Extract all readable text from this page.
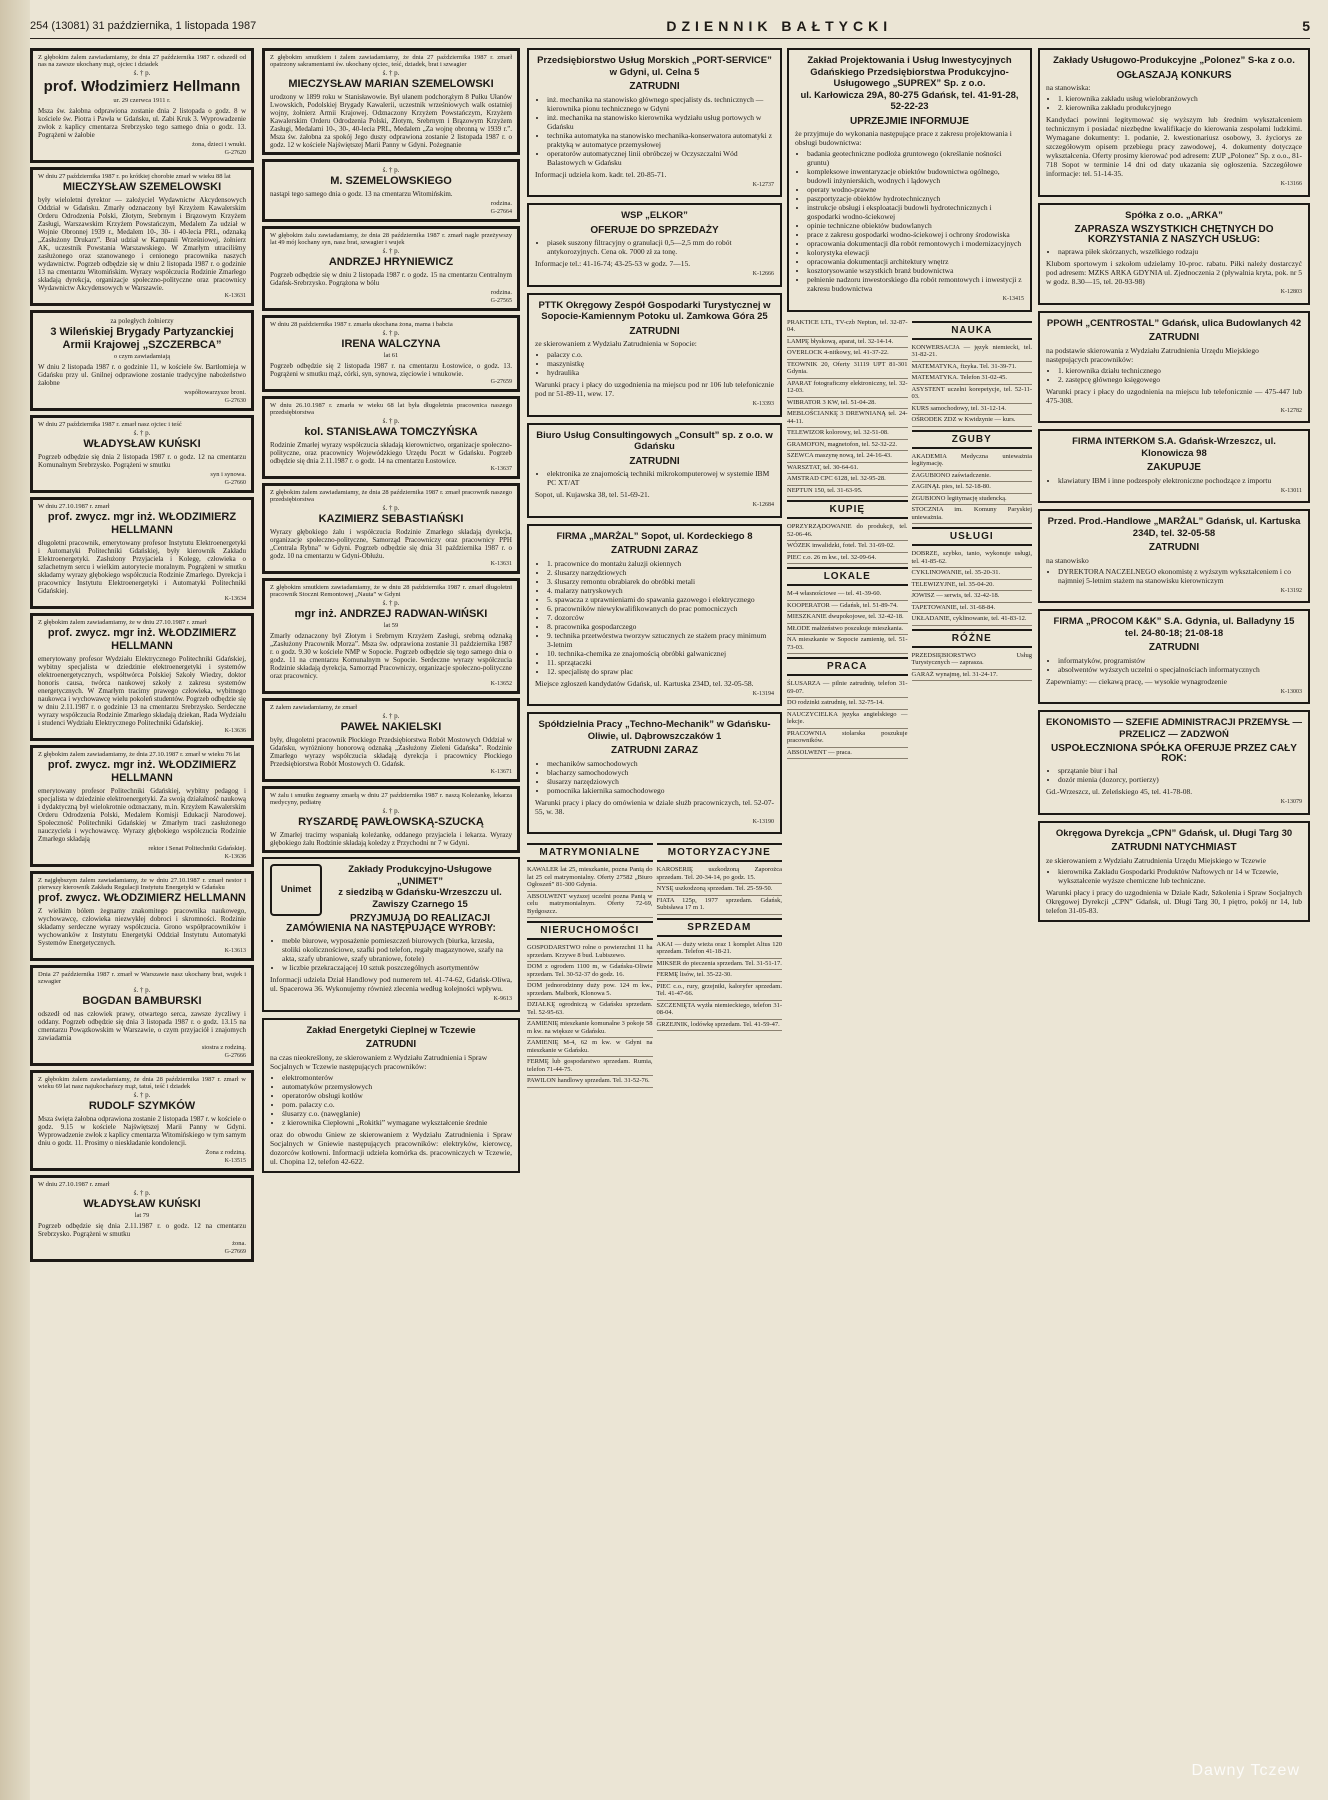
254 (13081) 31 października, 1 listopada 1987	DZIENNIK BAŁTYCKI	5
Z głębokim żalem zawiadamiamy, że dnia 27 października 1987 r. odszedł od nas na zawsze ukochany mąż, ojciec i dziadek
ś. † p.
prof. Włodzimierz Hellmann
ur. 29 czerwca 1911 r.
Msza św. żałobna odprawiona zostanie dnia 2 listopada o godz. 8 w kościele św. Piotra i Pawła w Gdańsku, ul. Zabi Kruk 3. Wyprowadzenie zwłok z kaplicy cmentarza Srebrzysko tego samego dnia o godz. 13. Pogrążeni w żałobie
żona, dzieci i wnuki.
G-27620
W dniu 27 października 1987 r. po krótkiej chorobie zmarł w wieku 88 lat
MIECZYSŁAW SZEMELOWSKI
były wieloletni dyrektor — założyciel Wydawnictw Akcydensowych Oddział w Gdańsku. Zmarły odznaczony był Krzyżem Kawalerskim Orderu Odrodzenia Polski, Złotym, Srebrnym i Brązowym Krzyżem Zasługi, Warszawskim Krzyżem Powstańczym, Medalem Za udział w Wojnie Obronnej 1939 r., Medalem 10-, 30- i 40-lecia PRL, odznaką „Zasłużony Drukarz”. Brał udział w Kampanii Wrześniowej, żołnierz AK, uczestnik Powstania Warszawskiego. W Zmarłym utraciliśmy zasłużonego oraz szanowanego i cenionego pracownika naszych wydawnictw. Pogrzeb odbędzie się w dniu 2 listopada 1987 r. o godzinie 13 na cmentarzu Witomińskim. Wyrazy współczucia Rodzinie Zmarłego składają dyrekcja, organizacje społeczno-polityczne oraz pracownicy Wydawnictw Akcydensowych w Warszawie.
K-13631
za poległych żołnierzy
3 Wileńskiej Brygady Partyzanckiej Armii Krajowej „SZCZERBCA”
o czym zawiadamiają
W dniu 2 listopada 1987 r. o godzinie 11, w kościele św. Bartłomieja w Gdańsku przy ul. Gnilnej odprawione zostanie tradycyjne nabożeństwo żałobne
współtowarzysze broni.
G-27630
W dniu 27 października 1987 r. zmarł nasz ojciec i teść
ś. † p.
WŁADYSŁAW KUŃSKI
Pogrzeb odbędzie się dnia 2 listopada 1987 r. o godz. 12 na cmentarzu Komunalnym Srebrzysko. Pogrążeni w smutku
syn i synowa.
G-27660
W dniu 27.10.1987 r. zmarł
prof. zwycz. mgr inż. WŁODZIMIERZ HELLMANN
długoletni pracownik, emerytowany profesor Instytutu Elektroenergetyki i Automatyki Politechniki Gdańskiej, były kierownik Zakładu Elektroenergetyki. Zasłużony Przyjaciela i Kolegę, człowieka o szlachetnym sercu i wielkim autorytecie moralnym. Pogrążeni w smutku składamy wyrazy głębokiego współczucia Rodzinie Zmarłego. Dyrekcja i pracownicy Instytutu Elektroenergetyki i Automatyki Politechniki Gdańskiej.
K-13634
Z głębokim żalem zawiadamiamy, że w dniu 27.10.1987 r. zmarł
prof. zwycz. mgr inż. WŁODZIMIERZ HELLMANN
emerytowany profesor Wydziału Elektrycznego Politechniki Gdańskiej, wybitny specjalista w dziedzinie elektroenergetyki i systemów elektroenergetycznych, współtwórca Polskiej Szkoły Wiedzy, doktor honoris causa, twórca naukowej szkoły z zakresu systemów energetycznych. W Zmarłym tracimy prawego człowieka, wybitnego naukowca i wychowawcę wielu pokoleń studentów. Pogrzeb odbędzie się w dniu 2.11.1987 r. o godzinie 13 na cmentarzu Srebrzysko. Serdeczne wyrazy współczucia Rodzinie Zmarłego składają dziekan, Rada Wydziału i studenci Wydziału Elektrycznego Politechniki Gdańskiej.
K-13636
Z głębokim żalem zawiadamiamy, że dnia 27.10.1987 r. zmarł w wieku 76 lat
prof. zwycz. mgr inż. WŁODZIMIERZ HELLMANN
emerytowany profesor Politechniki Gdańskiej, wybitny pedagog i specjalista w dziedzinie elektroenergetyki. Za swoją działalność naukową i dydaktyczną był wielokrotnie odznaczany, m.in. Krzyżem Kawalerskim Orderu Odrodzenia Polski, Medalem Komisji Edukacji Narodowej. Społeczność Politechniki Gdańskiej w Zmarłym traci zasłużonego nauczyciela i wychowawcę. Wyrazy głębokiego współczucia Rodzinie Zmarłego składają
rektor i Senat Politechniki Gdańskiej.
K-13636
Z najgłębszym żalem zawiadamiamy, że w dniu 27.10.1987 r. zmarł nestor i pierwszy kierownik Zakładu Regulacji Instytutu Energetyki w Gdańsku
prof. zwycz. WŁODZIMIERZ HELLMANN
Z wielkim bólem żegnamy znakomitego pracownika naukowego, wychowawcę, człowieka niezwykłej dobroci i skromności. Rodzinie składamy serdeczne wyrazy współczucia. Grono współpracowników i wychowanków z Instytutu Energetyki Oddział Instytutu Automatyki Systemów Energetycznych.
K-13613
Dnia 27 października 1987 r. zmarł w Warszawie nasz ukochany brat, wujek i szwagier
ś. † p.
BOGDAN BAMBURSKI
odszedł od nas człowiek prawy, otwartego serca, zawsze życzliwy i oddany. Pogrzeb odbędzie się dnia 3 listopada 1987 r. o godz. 13.15 na cmentarzu Powązkowskim w Warszawie, o czym przyjaciół i znajomych zawiadamia
siostra z rodziną.
G-27666
Z głębokim żalem zawiadamiamy, że dnia 28 października 1987 r. zmarł w wieku 69 lat nasz najukochańszy mąż, tatuś, teść i dziadek
ś. † p.
RUDOLF SZYMKÓW
Msza święta żałobna odprawiona zostanie 2 listopada 1987 r. w kościele o godz. 9.15 w kościele Najświętszej Marii Panny w Gdyni. Wyprowadzenie zwłok z kaplicy cmentarza Witomińskiego w tym samym dniu o godz. 11. Prosimy o nieskładanie kondolencji.
Żona z rodziną.
K-13515
W dniu 27.10.1987 r. zmarł
ś. † p.
WŁADYSŁAW KUŃSKI
lat 79
Pogrzeb odbędzie się dnia 2.11.1987 r. o godz. 12 na cmentarzu Srebrzysko. Pogrążeni w smutku
żona.
G-27669
Z głębokim smutkiem i żalem zawiadamiamy, że dnia 27 października 1987 r. zmarł opatrzony sakramentami św. ukochany ojciec, teść, dziadek, brat i szwagier
ś. † p.
MIECZYSŁAW MARIAN SZEMELOWSKI
urodzony w 1899 roku w Stanisławowie. Był ułanem podchorążym 8 Pułku Ułanów Lwowskich, Podolskiej Brygady Kawalerii, uczestnik wrześniowych walk ostatniej wojny, żołnierz Armii Krajowej. Odznaczony Krzyżem Powstańczym, Krzyżem Kawalerskim Orderu Odrodzenia Polski, Złotym, Srebrnym i Brązowym Krzyżem Zasługi, Medalami 10-, 30-, 40-lecia PRL, Medalem „Za wojnę obronną w 1939 r.”. Msza św. żałobna za spokój Jego duszy odprawiona zostanie 2 listopada 1987 r. o godz. 12 w kościele Najświętszej Marii Panny w Gdyni. Pożegnanie
ś. † p.
M. SZEMELOWSKIEGO
nastąpi tego samego dnia o godz. 13 na cmentarzu Witomińskim.
rodzina.
G-27664
W głębokim żalu zawiadamiamy, że dnia 28 października 1987 r. zmarł nagle przeżywszy lat 49 mój kochany syn, nasz brat, szwagier i wujek
ś. † p.
ANDRZEJ HRYNIEWICZ
Pogrzeb odbędzie się w dniu 2 listopada 1987 r. o godz. 15 na cmentarzu Centralnym Gdańsk-Srebrzysko. Pogrążona w bólu
rodzina.
G-27565
W dniu 28 października 1987 r. zmarła ukochana żona, mama i babcia
ś. † p.
IRENA WALCZYNA
lat 61
Pogrzeb odbędzie się 2 listopada 1987 r. na cmentarzu Łostowice, o godz. 13. Pogrążeni w smutku mąż, córki, syn, synowa, zięciowie i wnukowie.
G-27659
W dniu 26.10.1987 r. zmarła w wieku 68 lat była długoletnia pracownica naszego przedsiębiorstwa
ś. † p.
kol. STANISŁAWA TOMCZYŃSKA
Rodzinie Zmarłej wyrazy współczucia składają kierownictwo, organizacje społeczno-polityczne, oraz pracownicy Wojewódzkiego Urzędu Poczt w Gdańsku. Pogrzeb odbędzie się dnia 2.11.1987 r. o godz. 14 na cmentarzu Łostowice.
K-13637
Z głębokim żalem zawiadamiamy, że dnia 28 października 1987 r. zmarł pracownik naszego przedsiębiorstwa
ś. † p.
KAZIMIERZ SEBASTIAŃSKI
Wyrazy głębokiego żalu i współczucia Rodzinie Zmarłego składają dyrekcja, organizacje społeczno-polityczne, Samorząd Pracowniczy oraz pracownicy PPH „Centrala Rybna” w Gdyni. Pogrzeb odbędzie się dnia 31 października 1987 r. o godz. 10 na cmentarzu w Gdyni-Obłużu.
K-13631
Z głębokim smutkiem zawiadamiamy, że w dniu 28 października 1987 r. zmarł długoletni pracownik Stoczni Remontowej „Nauta” w Gdyni
ś. † p.
mgr inż. ANDRZEJ RADWAN-WIŃSKI
lat 59
Zmarły odznaczony był Złotym i Srebrnym Krzyżem Zasługi, srebrną odznaką „Zasłużony Pracownik Morza”. Msza św. odprawiona zostanie 31 października 1987 r. o godz. 9.30 w kościele NMP w Sopocie. Pogrzeb odbędzie się tego samego dnia o godz. 11 na cmentarzu Komunalnym w Sopocie. Serdeczne wyrazy współczucia Rodzinie składają dyrekcja, Samorząd Pracowniczy, organizacje społeczno-polityczne oraz pracownicy.
K-13652
Z żalem zawiadamiamy, że zmarł
ś. † p.
PAWEŁ NAKIELSKI
były, długoletni pracownik Płockiego Przedsiębiorstwa Robót Mostowych Oddział w Gdańsku, wyróżniony honorową odznaką „Zasłużony Zieleni Gdańska”. Rodzinie Zmarłego wyrazy współczucia składają dyrekcja i pracownicy Płockiego Przedsiębiorstwa Robót Mostowych O. Gdańsk.
K-13671
W żalu i smutku żegnamy zmarłą w dniu 27 października 1987 r. naszą Koleżankę, lekarza medycyny, pediatrę
ś. † p.
RYSZARDĘ PAWŁOWSKĄ-SZUCKĄ
W Zmarłej tracimy wspaniałą koleżankę, oddanego przyjaciela i lekarza. Wyrazy głębokiego żalu Rodzinie składają koledzy z Przychodni nr 7 w Gdyni.
Unimet
Zakłady Produkcyjno-Usługowe „UNIMET”
z siedzibą w Gdańsku-Wrzeszczu ul. Zawiszy Czarnego 15
PRZYJMUJĄ DO REALIZACJI ZAMÓWIENIA NA NASTĘPUJĄCE WYROBY:
• meble biurowe, wyposażenie pomieszczeń biurowych (biurka, krzesła, stoliki okolicznościowe, szafki pod telefon, regały magazynowe, szafy na akta, szafy ubraniowe, szafy ubraniowe, fotele)
• w liczbie przekraczającej 10 sztuk poszczególnych asortymentów
Informacji udziela Dział Handlowy pod numerem tel. 41-74-62, Gdańsk-Oliwa, ul. Spacerowa 36. Wykonujemy również zlecenia według kolejności wpływu.
K-9613
Zakład Energetyki Cieplnej w Tczewie
ZATRUDNI
na czas nieokreślony, ze skierowaniem z Wydziału Zatrudnienia i Spraw Socjalnych w Tczewie następujących pracowników:
• elektromonterów
• automatyków przemysłowych
• operatorów obsługi kotłów
• pom. palaczy c.o.
• ślusarzy c.o. (nawęglanie)
• z kierownika Ciepłowni „Rokitki” wymagane wykształcenie średnie
oraz do obwodu Gniew ze skierowaniem z Wydziału Zatrudnienia i Spraw Socjalnych w Gniewie następujących pracowników: elektryków, kierowcę, dozorców kotłowni. Informacji udziela komórka ds. pracowniczych w Tczewie, ul. Chopina 12, telefon 42-622.
Przedsiębiorstwo Usług Morskich „PORT-SERVICE” w Gdyni, ul. Celna 5
ZATRUDNI
• inż. mechanika na stanowisko głównego specjalisty ds. technicznych — kierownika pionu technicznego w Gdyni
• inż. mechanika na stanowisko kierownika wydziału usług portowych w Gdańsku
• technika automatyka na stanowisko mechanika-konserwatora automatyki z praktyką w automatyce przemysłowej
• operatorów automatycznej linii obróbczej w Oczyszczalni Wód Balastowych w Gdańsku
Informacji udziela kom. kadr. tel. 20-85-71.
K-12737
WSP „ELKOR”
OFERUJE DO SPRZEDAŻY
• piasek suszony filtracyjny o granulacji 0,5—2,5 mm do robót antykorozyjnych. Cena ok. 7000 zł za tonę.
Informacje tel.: 41-16-74; 43-25-53 w godz. 7—15.
K-12666
PTTK Okręgowy Zespół Gospodarki Turystycznej w Sopocie-Kamiennym Potoku ul. Zamkowa Góra 25
ZATRUDNI
ze skierowaniem z Wydziału Zatrudnienia w Sopocie:
• palaczy c.o.
• maszynistkę
• hydraulika
Warunki pracy i płacy do uzgodnienia na miejscu pod nr 106 lub telefonicznie pod nr 51-89-11, wew. 17.
K-13393
Biuro Usług Consultingowych „Consult” sp. z o.o. w Gdańsku
ZATRUDNI
• elektronika ze znajomością techniki mikrokomputerowej w systemie IBM PC XT/AT
Sopot, ul. Kujawska 38, tel. 51-69-21.
K-12684
FIRMA „MARŻAL” Sopot, ul. Kordeckiego 8
ZATRUDNI ZARAZ
• 1. pracownice do montażu żaluzji okiennych
• 2. ślusarzy narzędziowych
• 3. ślusarzy remontu obrabiarek do obróbki metali
• 4. malarzy natryskowych
• 5. spawacza z uprawnieniami do spawania gazowego i elektrycznego
• 6. pracowników niewykwalifikowanych do prac pomocniczych
• 7. dozorców
• 8. pracownika gospodarczego
• 9. technika przetwórstwa tworzyw sztucznych ze stażem pracy minimum 3-letnim
• 10. technika-chemika ze znajomością obróbki galwanicznej
• 11. sprzątaczki
• 12. specjalistę do spraw płac
Miejsce zgłoszeń kandydatów Gdańsk, ul. Kartuska 234D, tel. 32-05-58.
K-13194
Spółdzielnia Pracy „Techno-Mechanik” w Gdańsku-Oliwie, ul. Dąbrowszczaków 1
ZATRUDNI ZARAZ
• mechaników samochodowych
• blacharzy samochodowych
• ślusarzy narzędziowych
• pomocnika lakiernika samochodowego
Warunki pracy i płacy do omówienia w dziale służb pracowniczych, tel. 52-07-55, w. 38.
K-13190
MATRYMONIALNE
KAWALER lat 25, mieszkanie, pozna Panią do lat 25 cel matrymonialny. Oferty 27582 „Biuro Ogłoszeń” 81-300 Gdynia.
ABSOLWENT wyższej uczelni pozna Panią w celu matrymonialnym. Oferty 72-69, Bydgoszcz.
NIERUCHOMOŚCI
GOSPODARSTWO rolne o powierzchni 11 ha sprzedam. Krzywe 8 bud. Lubiszewo.
DOM z ogrodem 1100 m, w Gdańsku-Oliwie sprzedam. Tel. 30-52-37 do godz. 16.
DOM jednorodzinny duży pow. 124 m kw., sprzedam. Malbork, Klonowa 5.
DZIAŁKĘ ogrodniczą w Gdańsku sprzedam. Tel. 52-95-63.
ZAMIENIĘ mieszkanie komunalne 3 pokoje 58 m kw. na większe w Gdańsku.
ZAMIENIĘ M-4, 62 m kw. w Gdyni na mieszkanie w Gdańsku.
FERMĘ lub gospodarstwo sprzedam. Rumia, telefon 71-44-75.
PAWILON handlowy sprzedam. Tel. 31-52-76.
MOTORYZACYJNE
KAROSERIĘ uszkodzoną Zaporożca sprzedam. Tel. 20-34-14, po godz. 15.
NYSĘ uszkodzoną sprzedam. Tel. 25-59-50.
FIATA 125p, 1977 sprzedam. Gdańsk, Subisława 17 m 1.
SPRZEDAM
AKAI — duży wieża oraz 1 komplet Altus 120 sprzedam. Telefon 41-18-21.
MIKSER do pieczenia sprzedam. Tel. 31-51-17.
FERMĘ lisów, tel. 35-22-30.
PIEC c.o., rury, grzejniki, kaloryfer sprzedam. Tel. 41-47-66.
SZCZENIĘTA wyżła niemieckiego, telefon 31-08-04.
GRZEJNIK, lodówkę sprzedam. Tel. 41-59-47.
Zakład Projektowania i Usług Inwestycyjnych Gdańskiego Przedsiębiorstwa Produkcyjno-Usługowego „SUPREX” Sp. z o.o.
ul. Karłowicza 29A, 80-275 Gdańsk, tel. 41-91-28, 52-22-23
UPRZEJMIE INFORMUJE
że przyjmuje do wykonania następujące prace z zakresu projektowania i obsługi budownictwa:
• badania geotechniczne podłoża gruntowego (określanie nośności gruntu)
• kompleksowe inwentaryzacje obiektów budownictwa ogólnego, budowli inżynierskich, wodnych i lądowych
• operaty wodno-prawne
• paszportyzacje obiektów hydrotechnicznych
• instrukcje obsługi i eksploatacji budowli hydrotechnicznych i gospodarki wodno-ściekowej
• opinie techniczne obiektów budowlanych
• prace z zakresu gospodarki wodno-ściekowej i ochrony środowiska
• opracowania dokumentacji dla robót remontowych i modernizacyjnych
• kolorystyka elewacji
• opracowania dokumentacji architektury wnętrz
• kosztorysowanie wszystkich branż budownictwa
• pełnienie nadzoru inwestorskiego dla robót remontowych i inwestycji z zakresu budownictwa
K-13415
PRAKTICE LTL, TV-czb Neptun, tel. 32-87-04.
LAMPĘ błyskową, aparat, tel. 32-14-14.
OVERLOCK 4-nitkowy, tel. 41-37-22.
TEOWNIK 20, Oferty 31119 UPT 81-301 Gdynia.
APARAT fotograficzny elektroniczny, tel. 32-12-03.
WIBRATOR 3 KW, tel. 51-04-28.
MEBLOŚCIANKĘ 3 DREWNIANĄ tel. 24-44-11.
TELEWIZOR kolorowy, tel. 32-51-08.
GRAMOFON, magnetofon, tel. 52-32-22.
SZEWCA maszynę nową, tel. 24-16-43.
WARSZTAT, tel. 30-64-61.
AMSTRAD CPC 6128, tel. 32-95-28.
NEPTUN 150, tel. 31-63-95.
KUPIĘ
OPRZYRZĄDOWANIE do produkcji, tel. 52-06-46.
WÓZEK inwalidzki, fotel. Tel. 31-69-02.
PIEC c.o. 26 m kw., tel. 32-09-64.
LOKALE
M-4 własnościowe — tel. 41-39-60.
KOOPERATOR — Gdańsk, tel. 51-89-74.
MIESZKANIE dwupokojowe, tel. 32-42-18.
MŁODE małżeństwo poszukuje mieszkania.
NA mieszkanie w Sopocie zamienię, tel. 51-73-03.
PRACA
ŚLUSARZA — pilnie zatrudnię, telefon 31-69-07.
DO rodzinki zatrudnię, tel. 32-75-14.
NAUCZYCIELKA języka angielskiego — lekcje.
PRACOWNIA stolarska poszukuje pracowników.
ABSOLWENT — praca.
NAUKA
KONWERSACJA — język niemiecki, tel. 31-82-21.
MATEMATYKA, fizyka. Tel. 31-39-71.
MATEMATYKA. Telefon 31-02-45.
ASYSTENT uczelni korepetycje, tel. 52-11-03.
KURS samochodowy, tel. 31-12-14.
OŚRODEK ZDZ w Kwidzynie — kurs.
ZGUBY
AKADEMIA Medyczna unieważnia legitymację.
ZAGUBIONO zaświadczenie.
ZAGINĄŁ pies, tel. 52-18-80.
ZGUBIONO legitymację studencką.
STOCZNIA im. Komuny Paryskiej unieważnia.
USŁUGI
DOBRZE, szybko, tanio, wykonuje usługi, tel. 41-85-62.
CYKLINOWANIE, tel. 35-20-31.
TELEWIZYJNE, tel. 35-04-20.
JOWISZ — serwis, tel. 32-42-18.
TAPETOWANIE, tel. 31-68-84.
UKŁADANIE, cyklinowanie, tel. 41-83-12.
RÓŻNE
PRZEDSIĘBIORSTWO Usług Turystycznych — zaprasza.
GARAŻ wynajmę, tel. 31-24-17.
Zakłady Usługowo-Produkcyjne „Polonez” S-ka z o.o.
OGŁASZAJĄ KONKURS
na stanowiska:
• 1. kierownika zakładu usług wielobranżowych
• 2. kierownika zakładu produkcyjnego
Kandydaci powinni legitymować się wyższym lub średnim wykształceniem technicznym i posiadać niezbędne kwalifikacje do kierowania zespołami ludzkimi. Wymagane dokumenty: 1. podanie, 2. kwestionariusz osobowy, 3. życiorys ze szczegółowym opisem przebiegu pracy zawodowej, 4. dokumenty dotyczące wykształcenia. Oferty prosimy kierować pod adresem: ZUP „Polonez” Sp. z o.o., 81-718 Sopot w terminie 14 dni od daty ukazania się ogłoszenia. Szczegółowe informacje: tel. 51-14-35.
K-13166
Spółka z o.o. „ARKA”
ZAPRASZA WSZYSTKICH CHĘTNYCH DO KORZYSTANIA Z NASZYCH USŁUG:
• naprawa piłek skórzanych, wszelkiego rodzaju
Klubom sportowym i szkołom udzielamy 10-proc. rabatu. Piłki należy dostarczyć pod adresem: MZKS ARKA GDYNIA ul. Zjednoczenia 2 (pływalnia kryta, pok. nr 5 w godz. 8.30—15, tel. 20-93-98)
K-12803
PPOWH „CENTROSTAL” Gdańsk, ulica Budowlanych 42
ZATRUDNI
na podstawie skierowania z Wydziału Zatrudnienia Urzędu Miejskiego następujących pracowników:
• 1. kierownika działu technicznego
• 2. zastępcę głównego księgowego
Warunki pracy i płacy do uzgodnienia na miejscu lub telefonicznie — 475-447 lub 475-308.
K-12782
FIRMA INTERKOM S.A. Gdańsk-Wrzeszcz, ul. Klonowicza 98
ZAKUPUJE
• klawiatury IBM i inne podzespoły elektroniczne pochodzące z importu
K-13011
Przed. Prod.-Handlowe „MARŻAL” Gdańsk, ul. Kartuska 234D, tel. 32-05-58
ZATRUDNI
na stanowisko
• DYREKTORA NACZELNEGO ekonomistę z wyższym wykształceniem i co najmniej 5-letnim stażem na stanowisku kierowniczym
K-13192
FIRMA „PROCOM K&K” S.A. Gdynia, ul. Balladyny 15 tel. 24-80-18; 21-08-18
ZATRUDNI
• informatyków, programistów
• absolwentów wyższych uczelni o specjalnościach informatycznych
Zapewniamy: — ciekawą pracę, — wysokie wynagrodzenie
K-13003
EKONOMISTO — SZEFIE ADMINISTRACJI PRZEMYSŁ — PRZELICZ — ZADZWOŃ
USPOŁECZNIONA SPÓŁKA OFERUJE PRZEZ CAŁY ROK:
• sprzątanie biur i hal
• dozór mienia (dozorcy, portierzy)
Gd.-Wrzeszcz, ul. Zeleńskiego 45, tel. 41-78-08.
K-13079
Okręgowa Dyrekcja „CPN” Gdańsk, ul. Długi Targ 30
ZATRUDNI NATYCHMIAST
ze skierowaniem z Wydziału Zatrudnienia Urzędu Miejskiego w Tczewie
• kierownika Zakładu Gospodarki Produktów Naftowych nr 14 w Tczewie, wykształcenie wyższe chemiczne lub techniczne.
Warunki płacy i pracy do uzgodnienia w Dziale Kadr, Szkolenia i Spraw Socjalnych Okręgowej Dyrekcji „CPN” Gdańsk, ul. Długi Targ 30, I piętro, pokój nr 14, lub telefon 31-05-83.
Dawny Tczew
